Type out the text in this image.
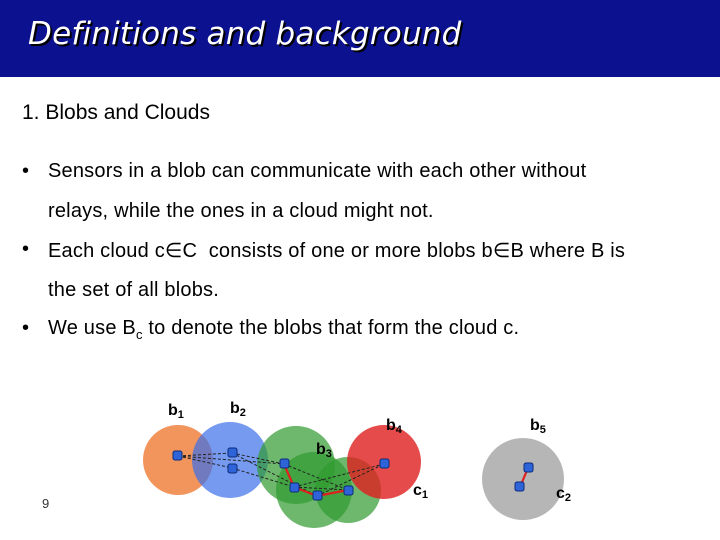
Definitions and background
1. Blobs and Clouds
• Sensors in a blob can communicate with each other without
relays, while the ones in a cloud might not.
• Each cloud c∈C  consists of one or more blobs b∈B where B is
the set of all blobs.
• We use $B_c$ to denote the blobs that form the cloud c.
b1	b2
b3
b4	b5
c1	c2
9
